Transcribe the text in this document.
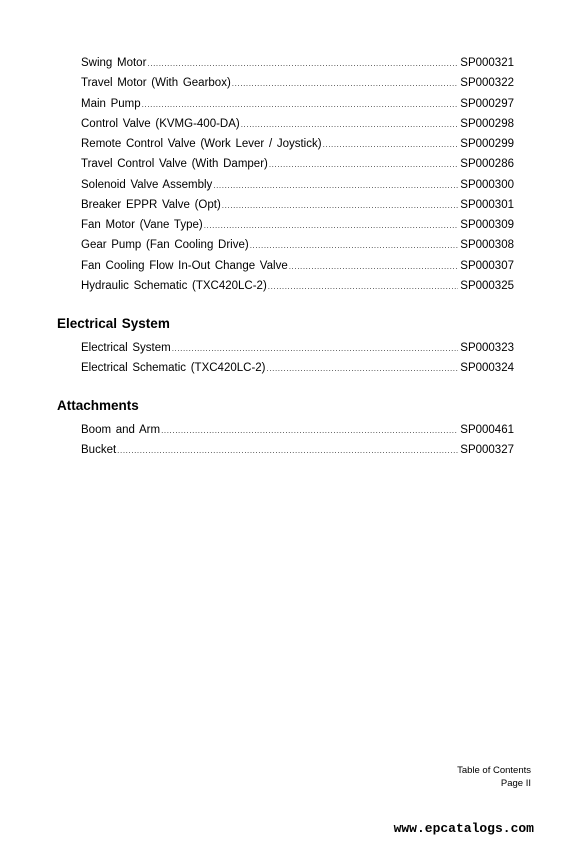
Swing Motor .....	SP000321
Travel Motor (With Gearbox) .....	SP000322
Main Pump .....	SP000297
Control Valve (KVMG-400-DA) .....	SP000298
Remote Control Valve (Work Lever / Joystick) .....	SP000299
Travel Control Valve (With Damper) .....	SP000286
Solenoid Valve Assembly .....	SP000300
Breaker EPPR Valve (Opt) .....	SP000301
Fan Motor (Vane Type) .....	SP000309
Gear Pump (Fan Cooling Drive) .....	SP000308
Fan Cooling Flow In-Out Change Valve .....	SP000307
Hydraulic Schematic (TXC420LC-2) .....	SP000325
Electrical System
Electrical System .....	SP000323
Electrical Schematic (TXC420LC-2) .....	SP000324
Attachments
Boom and Arm .....	SP000461
Bucket .....	SP000327
Table of Contents
Page II
www.epcatalogs.com
